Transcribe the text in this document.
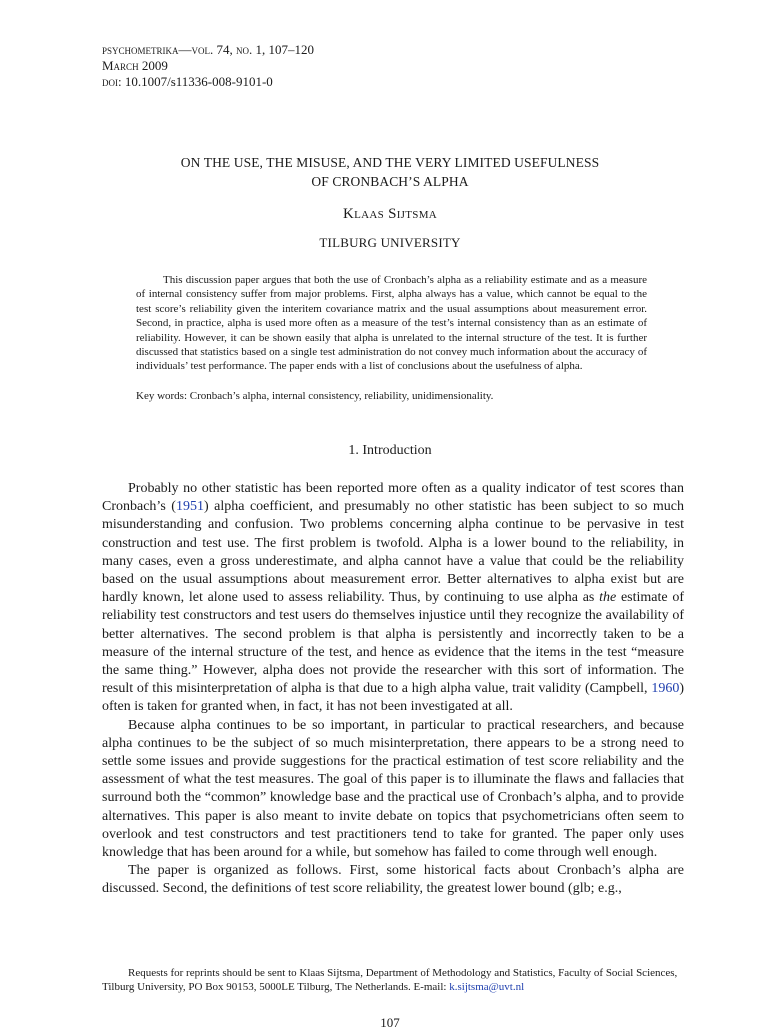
psychometrika—vol. 74, no. 1, 107–120
March 2009
doi: 10.1007/s11336-008-9101-0
ON THE USE, THE MISUSE, AND THE VERY LIMITED USEFULNESS
OF CRONBACH’S ALPHA
Klaas Sijtsma
TILBURG UNIVERSITY
This discussion paper argues that both the use of Cronbach’s alpha as a reliability estimate and as a measure of internal consistency suffer from major problems. First, alpha always has a value, which cannot be equal to the test score’s reliability given the interitem covariance matrix and the usual assumptions about measurement error. Second, in practice, alpha is used more often as a measure of the test’s internal consistency than as an estimate of reliability. However, it can be shown easily that alpha is unrelated to the internal structure of the test. It is further discussed that statistics based on a single test administration do not convey much information about the accuracy of individuals’ test performance. The paper ends with a list of conclusions about the usefulness of alpha.
Key words: Cronbach’s alpha, internal consistency, reliability, unidimensionality.
1. Introduction

Probably no other statistic has been reported more often as a quality indicator of test scores than Cronbach’s (1951) alpha coefficient, and presumably no other statistic has been subject to so much misunderstanding and confusion. Two problems concerning alpha continue to be pervasive in test construction and test use. The first problem is twofold. Alpha is a lower bound to the reliability, in many cases, even a gross underestimate, and alpha cannot have a value that could be the reliability based on the usual assumptions about measurement error. Better alternatives to alpha exist but are hardly known, let alone used to assess reliability. Thus, by continuing to use alpha as the estimate of reliability test constructors and test users do themselves injustice until they recognize the availability of better alternatives. The second problem is that alpha is persistently and incorrectly taken to be a measure of the internal structure of the test, and hence as evidence that the items in the test “measure the same thing.” However, alpha does not provide the researcher with this sort of information. The result of this misinterpretation of alpha is that due to a high alpha value, trait validity (Campbell, 1960) often is taken for granted when, in fact, it has not been investigated at all.

Because alpha continues to be so important, in particular to practical researchers, and because alpha continues to be the subject of so much misinterpretation, there appears to be a strong need to settle some issues and provide suggestions for the practical estimation of test score reliability and the assessment of what the test measures. The goal of this paper is to illuminate the flaws and fallacies that surround both the “common” knowledge base and the practical use of Cronbach’s alpha, and to provide alternatives. This paper is also meant to invite debate on topics that psychometricians often seem to overlook and test constructors and test practitioners tend to take for granted. The paper only uses knowledge that has been around for a while, but somehow has failed to come through well enough.

The paper is organized as follows. First, some historical facts about Cronbach’s alpha are discussed. Second, the definitions of test score reliability, the greatest lower bound (glb; e.g.,

Requests for reprints should be sent to Klaas Sijtsma, Department of Methodology and Statistics, Faculty of Social Sciences, Tilburg University, PO Box 90153, 5000LE Tilburg, The Netherlands. E-mail: k.sijtsma@uvt.nl
107
